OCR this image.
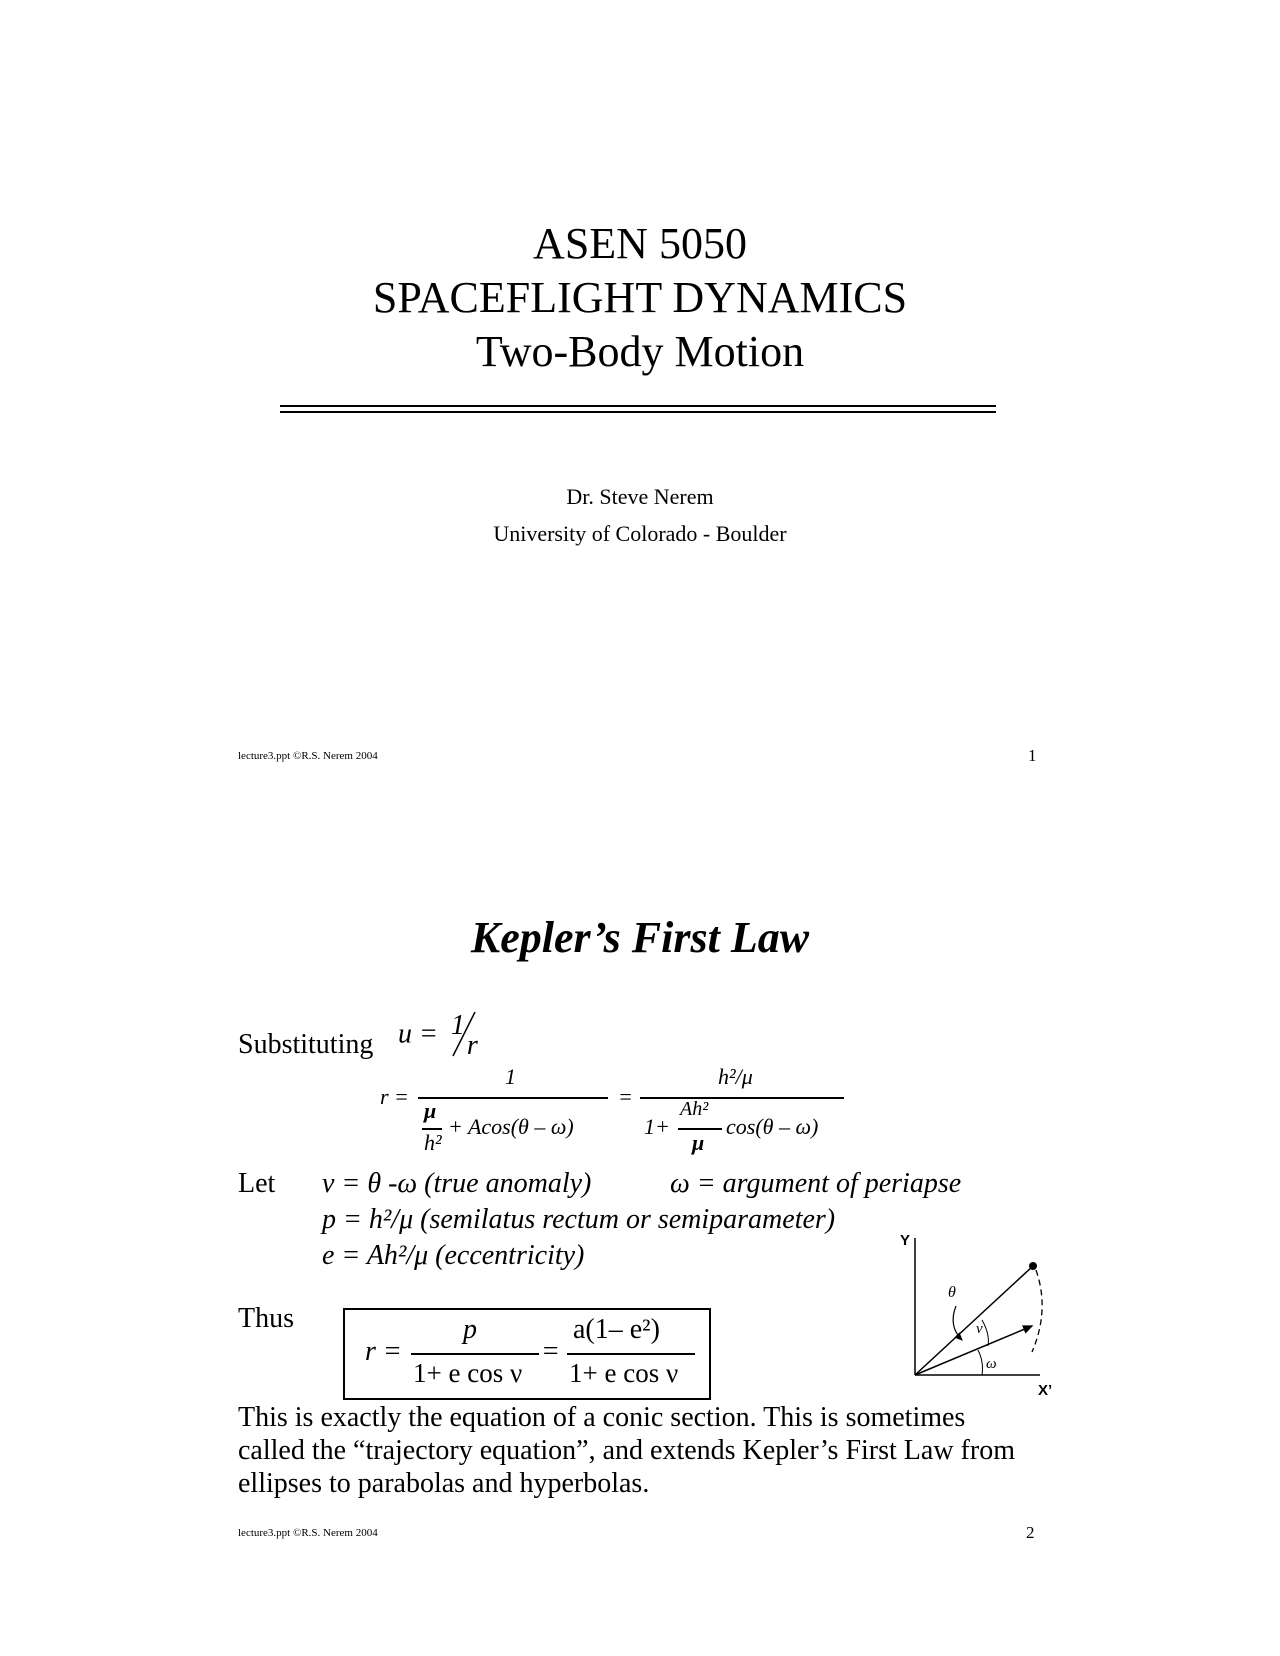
ASEN 5050
SPACEFLIGHT DYNAMICS
Two-Body Motion
Dr. Steve Nerem
University of Colorado - Boulder
lecture3.ppt ©R.S. Nerem 2004	1
Kepler’s First Law
Substituting u = 1
r
r =
1
μ
h²
+ Acos(θ – ω)
=
h²/μ
1+
Ah²
μ
cos(θ – ω)
Let ν = θ -ω (true anomaly)	ω = argument of periapse
p = h²/μ (semilatus rectum or semiparameter)
e = Ah²/μ (eccentricity)
Thus
r =
p
1+ e cos ν
=
a(1– e²)
1+ e cos ν
Y
X’
θ
ν
ω
This is exactly the equation of a conic section. This is sometimes called the “trajectory equation”, and extends Kepler’s First Law from ellipses to parabolas and hyperbolas.
lecture3.ppt ©R.S. Nerem 2004	2
